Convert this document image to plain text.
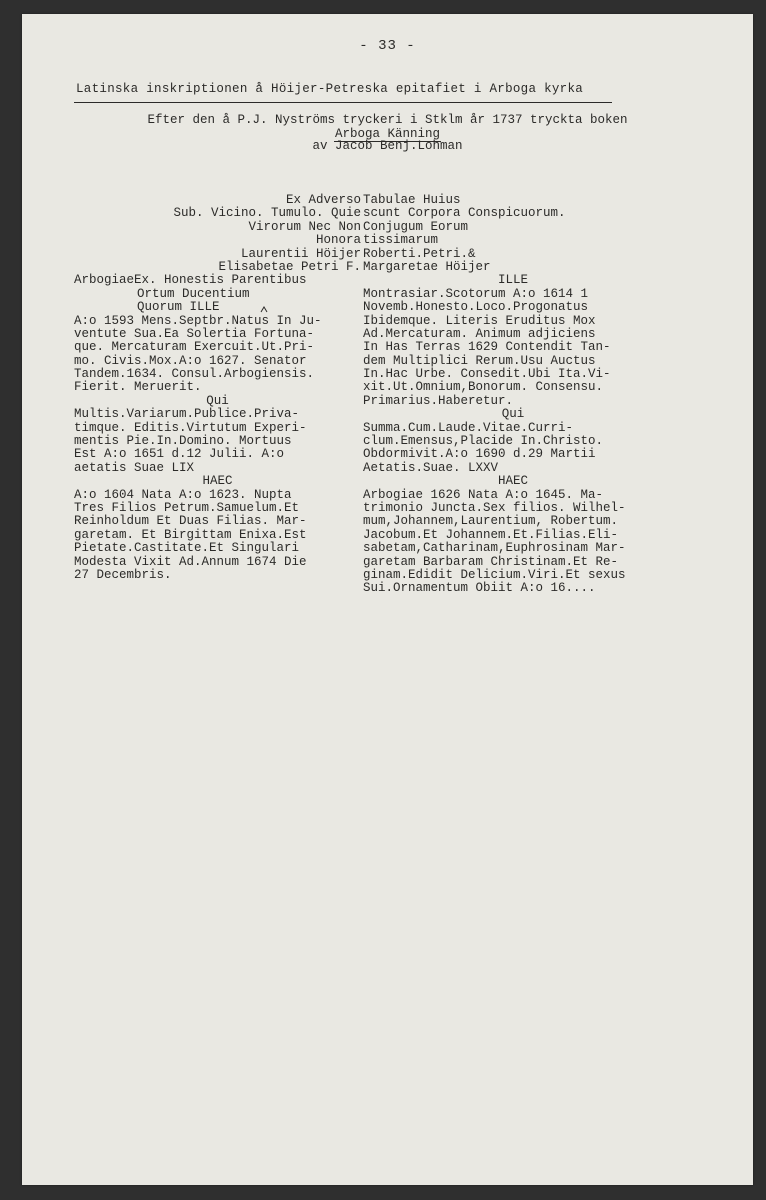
- 33 -
Latinska inskriptionen å Höijer-Petreska epitafiet i Arboga kyrka
Efter den å P.J. Nyströms tryckeri i Stklm år 1737 tryckta boken
Arboga Känning
av Jacob Benj.Lohman
Ex Adverso
Sub. Vicino. Tumulo. Quie
Virorum Nec Non
Honora
Laurentii Höijer
Elisabetae Petri F.
ArbogiaeEx. Honestis Parentibus
Ortum Ducentium
Quorum ILLE
A:o 1593 Mens.Septbr.Natus In Ju-
ventute Sua.Ea Solertia Fortuna-
que. Mercaturam Exercuit.Ut.Pri-
mo. Civis.Mox.A:o 1627. Senator
Tandem.1634. Consul.Arbogiensis.
Fierit. Meruerit.
Qui
Multis.Variarum.Publice.Priva-
timque. Editis.Virtutum Experi-
mentis Pie.In.Domino. Mortuus
Est A:o 1651 d.12 Julii. A:o
aetatis Suae LIX
HAEC
A:o 1604 Nata A:o 1623. Nupta
Tres Filios Petrum.Samuelum.Et
Reinholdum Et Duas Filias. Mar-
garetam. Et Birgittam Enixa.Est
Pietate.Castitate.Et Singulari
Modesta Vixit Ad.Annum 1674 Die
27 Decembris.
Tabulae Huius
scunt Corpora Conspicuorum.
Conjugum Eorum
tissimarum
Roberti.Petri.&
Margaretae Höijer
ILLE
Montrasiar.Scotorum A:o 1614 1
Novemb.Honesto.Loco.Progonatus
Ibidemque. Literis Eruditus Mox
Ad.Mercaturam. Animum adjiciens
In Has Terras 1629 Contendit Tan-
dem Multiplici Rerum.Usu Auctus
In.Hac Urbe. Consedit.Ubi Ita.Vi-
xit.Ut.Omnium,Bonorum. Consensu.
Primarius.Haberetur.
Qui
Summa.Cum.Laude.Vitae.Curri-
clum.Emensus,Placide In.Christo.
Obdormivit.A:o 1690 d.29 Martii
Aetatis.Suae. LXXV
HAEC
Arbogiae 1626 Nata A:o 1645. Ma-
trimonio Juncta.Sex filios. Wilhel-
mum,Johannem,Laurentium, Robertum.
Jacobum.Et Johannem.Et.Filias.Eli-
sabetam,Catharinam,Euphrosinam Mar-
garetam Barbaram Christinam.Et Re-
ginam.Edidit Delicium.Viri.Et sexus
Sui.Ornamentum Obiit A:o 16....
